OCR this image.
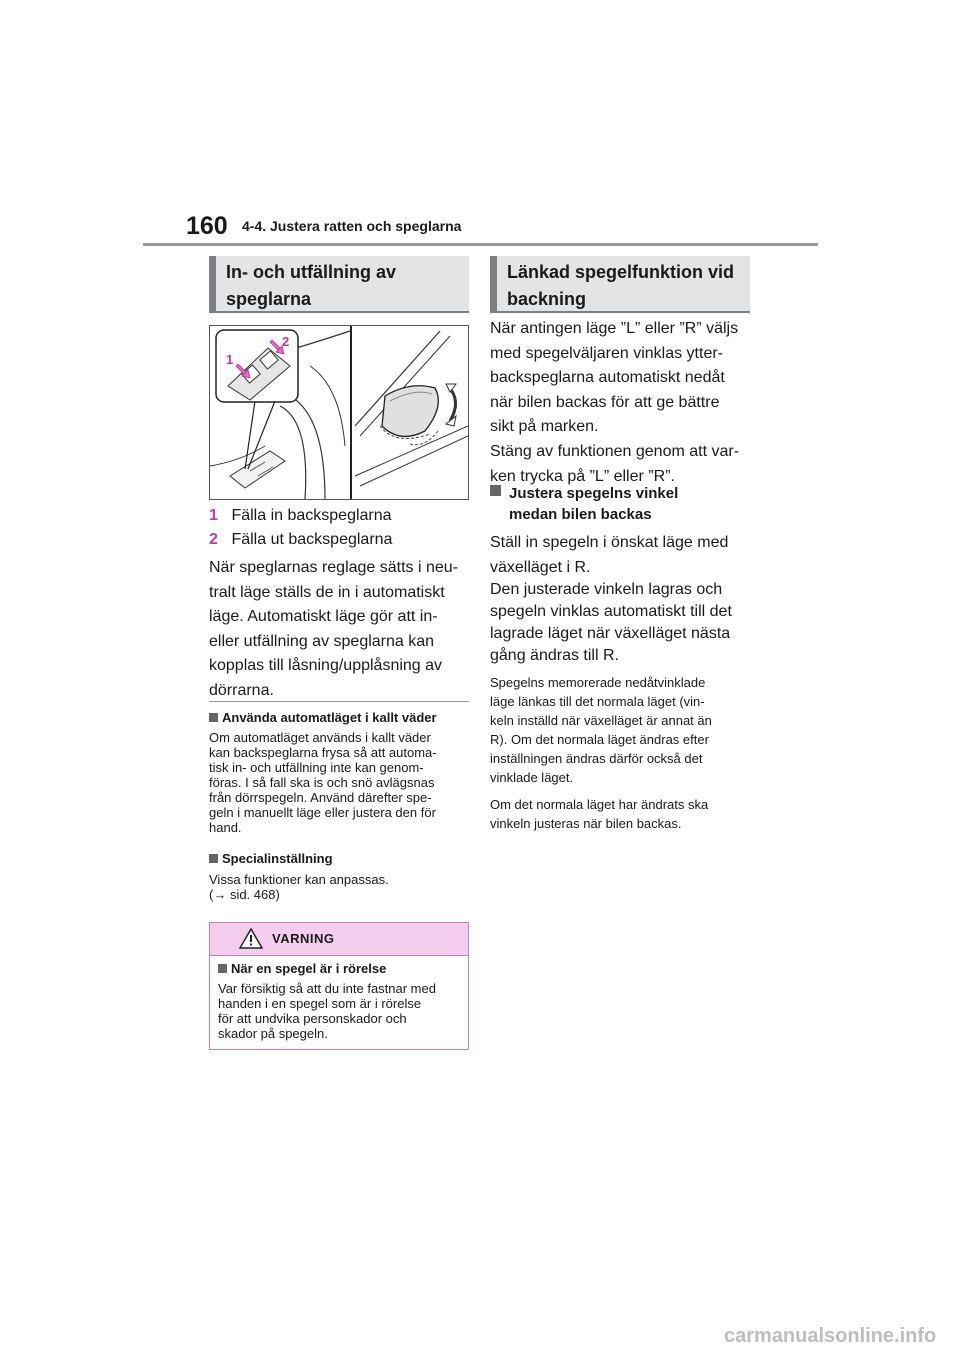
160 4-4. Justera ratten och speglarna
In- och utfällning av
speglarna
1
2
1 Fälla in backspeglarna
2 Fälla ut backspeglarna
När speglarnas reglage sätts i neu-
tralt läge ställs de in i automatiskt
läge. Automatiskt läge gör att in-
eller utfällning av speglarna kan
kopplas till låsning/upplåsning av
dörrarna.
Använda automatläget i kallt väder
Om automatläget används i kallt väder
kan backspeglarna frysa så att automa-
tisk in- och utfällning inte kan genom-
föras. I så fall ska is och snö avlägsnas
från dörrspegeln. Använd därefter spe-
geln i manuellt läge eller justera den för
hand.
Specialinställning
Vissa funktioner kan anpassas.
(→ sid. 468)
VARNING
När en spegel är i rörelse
Var försiktig så att du inte fastnar med
handen i en spegel som är i rörelse
för att undvika personskador och
skador på spegeln.
Länkad spegelfunktion vid
backning
När antingen läge ”L” eller ”R” väljs
med spegelväljaren vinklas ytter-
backspeglarna automatiskt nedåt
när bilen backas för att ge bättre
sikt på marken.
Stäng av funktionen genom att var-
ken trycka på ”L” eller ”R”.
Justera spegelns vinkel
medan bilen backas
Ställ in spegeln i önskat läge med
växelläget i R.
Den justerade vinkeln lagras och
spegeln vinklas automatiskt till det
lagrade läget när växelläget nästa
gång ändras till R.
Spegelns memorerade nedåtvinklade
läge länkas till det normala läget (vin-
keln inställd när växelläget är annat än
R). Om det normala läget ändras efter
inställningen ändras därför också det
vinklade läget.
Om det normala läget har ändrats ska
vinkeln justeras när bilen backas.
carmanualsonline.info
